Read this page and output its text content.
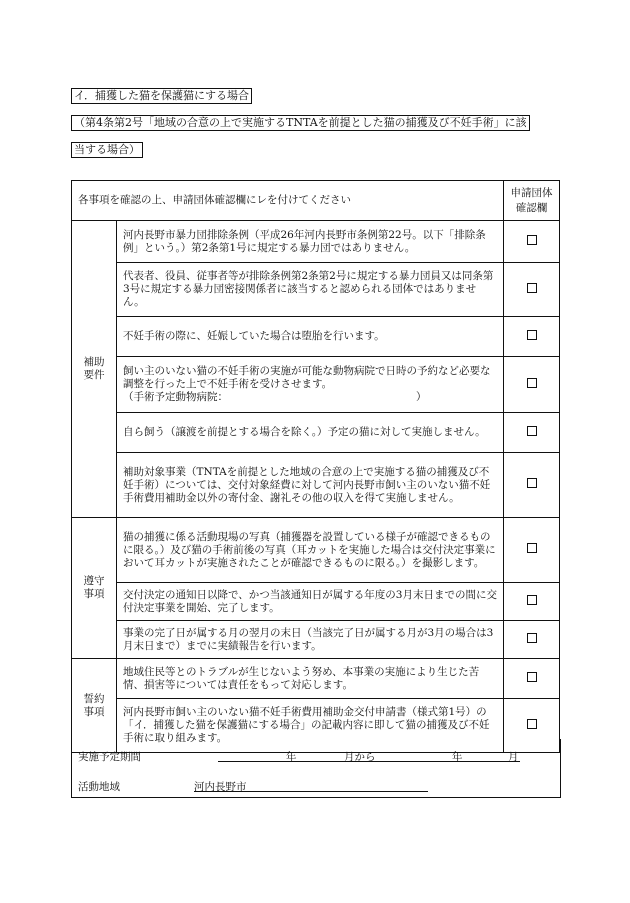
イ．捕獲した猫を保護猫にする場合
（第4条第2号「地域の合意の上で実施するTNTAを前提とした猫の捕獲及び不妊手術」に該
当する場合）
各事項を確認の上、申請団体確認欄にレを付けてください		申請団体
確認欄
補助
要件	河内長野市暴力団排除条例（平成26年河内長野市条例第22号。以下「排除条例」という。）第2条第1号に規定する暴力団ではありません。	
	代表者、役員、従事者等が排除条例第2条第2号に規定する暴力団員又は同条第3号に規定する暴力団密接関係者に該当すると認められる団体ではありません。	
	不妊手術の際に、妊娠していた場合は堕胎を行います。	
	飼い主のいない猫の不妊手術の実施が可能な動物病院で日時の予約など必要な調整を行った上で不妊手術を受けさせます。
（手術予定動物病院： ）	
	自ら飼う（譲渡を前提とする場合を除く。）予定の猫に対して実施しません。	
	補助対象事業（TNTAを前提とした地域の合意の上で実施する猫の捕獲及び不妊手術）については、交付対象経費に対して河内長野市飼い主のいない猫不妊手術費用補助金以外の寄付金、謝礼その他の収入を得て実施しません。	
遵守
事項	猫の捕獲に係る活動現場の写真（捕獲器を設置している様子が確認できるものに限る。）及び猫の手術前後の写真（耳カットを実施した場合は交付決定事業において耳カットが実施されたことが確認できるものに限る。）を撮影します。	
	交付決定の通知日以降で、かつ当該通知日が属する年度の3月末日までの間に交付決定事業を開始、完了します。	
	事業の完了日が属する月の翌月の末日（当該完了日が属する月が3月の場合は3月末日まで）までに実績報告を行います。	
誓約
事項	地域住民等とのトラブルが生じないよう努め、本事業の実施により生じた苦情、損害等については責任をもって対応します。	
	河内長野市飼い主のいない猫不妊手術費用補助金交付申請書（様式第1号）の「イ．捕獲した猫を保護猫にする場合」の記載内容に即して猫の捕獲及び不妊手術に取り組みます。	
実施予定期間	年	月から	年	月
活動地域	河内長野市
